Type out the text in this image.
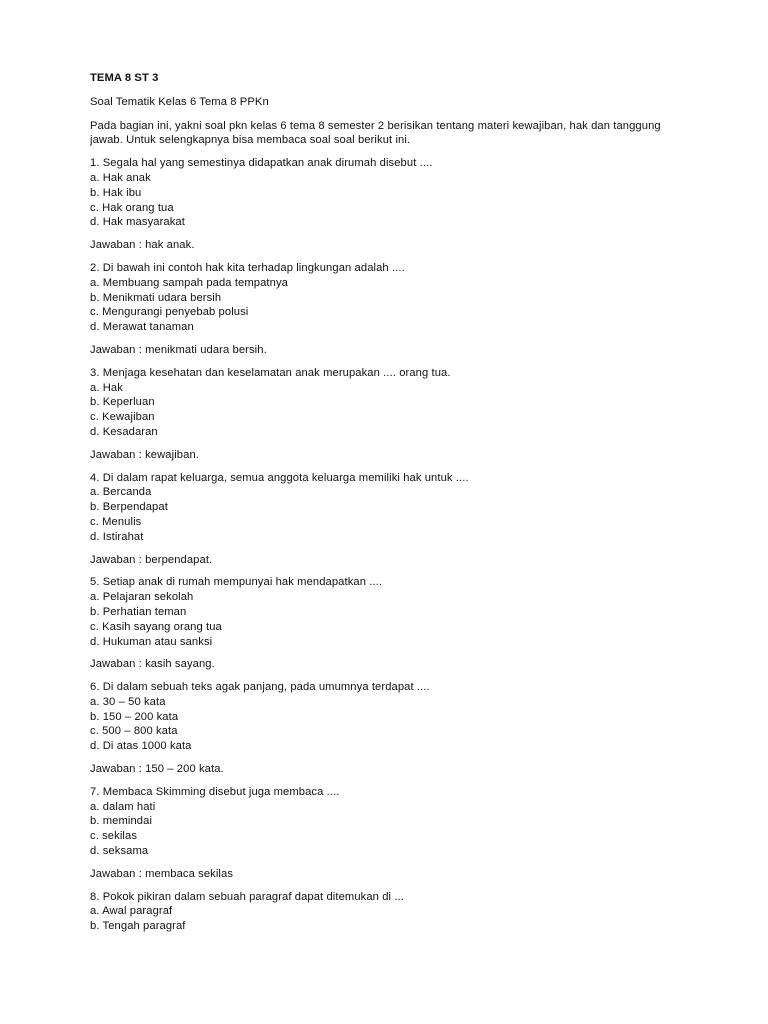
TEMA 8 ST 3
Soal Tematik Kelas 6 Tema 8 PPKn
Pada bagian ini, yakni soal pkn kelas 6 tema 8 semester 2 berisikan tentang materi kewajiban, hak dan tanggung jawab. Untuk selengkapnya bisa membaca soal soal berikut ini.
1. Segala hal yang semestinya didapatkan anak dirumah disebut ....
a. Hak anak
b. Hak ibu
c. Hak orang tua
d. Hak masyarakat
Jawaban : hak anak.
2. Di bawah ini contoh hak kita terhadap lingkungan adalah ....
a. Membuang sampah pada tempatnya
b. Menikmati udara bersih
c. Mengurangi penyebab polusi
d. Merawat tanaman
Jawaban : menikmati udara bersih.
3. Menjaga kesehatan dan keselamatan anak merupakan .... orang tua.
a. Hak
b. Keperluan
c. Kewajiban
d. Kesadaran
Jawaban : kewajiban.
4. Di dalam rapat keluarga, semua anggota keluarga memiliki hak untuk ....
a. Bercanda
b. Berpendapat
c. Menulis
d. Istirahat
Jawaban : berpendapat.
5. Setiap anak di rumah mempunyai hak mendapatkan ....
a. Pelajaran sekolah
b. Perhatian teman
c. Kasih sayang orang tua
d. Hukuman atau sanksi
Jawaban : kasih sayang.
6. Di dalam sebuah teks agak panjang, pada umumnya terdapat ....
a. 30 – 50 kata
b. 150 – 200 kata
c. 500 – 800 kata
d. Di atas 1000 kata
Jawaban : 150 – 200 kata.
7. Membaca Skimming disebut juga membaca ....
a. dalam hati
b. memindai
c. sekilas
d. seksama
Jawaban : membaca sekilas
8. Pokok pikiran dalam sebuah paragraf dapat ditemukan di ...
a. Awal paragraf
b. Tengah paragraf
